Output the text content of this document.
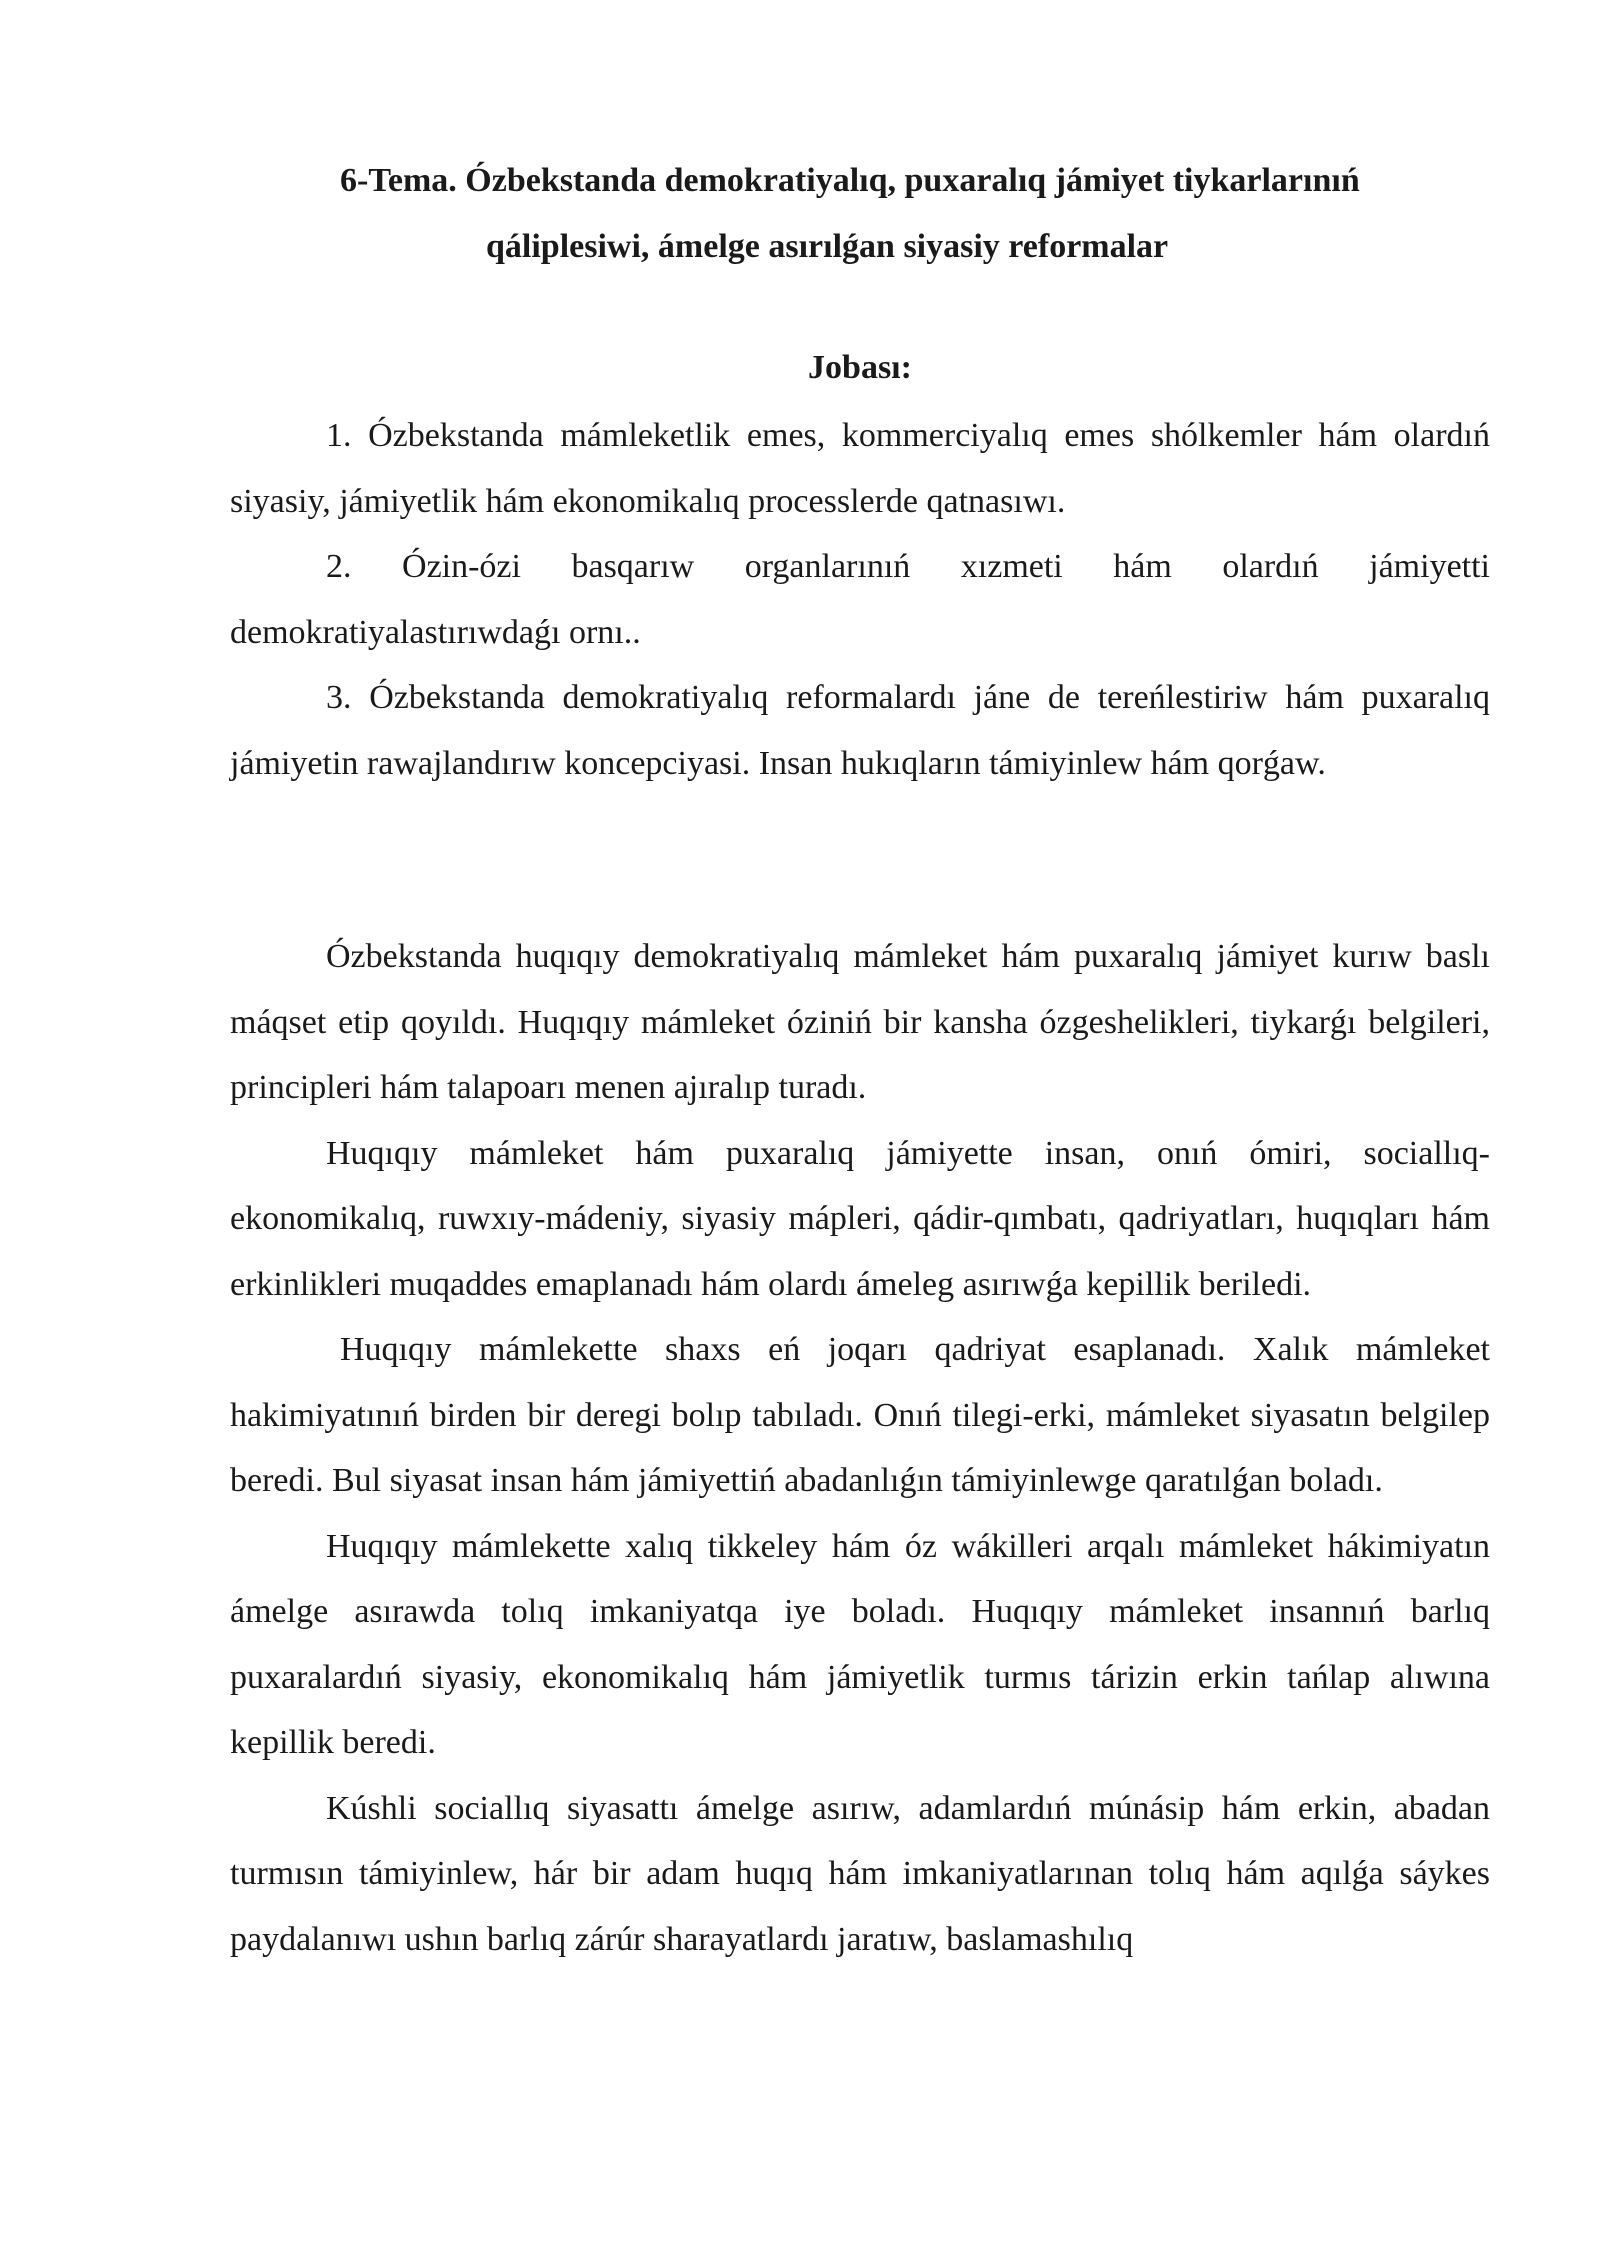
6-Tema. Ózbekstanda demokratiyalıq, puxaralıq jámiyet tiykarlarınıń
qáliplesiwi, ámelge asırılǵan siyasiy reformalar
Jobası:

1. Ózbekstanda mámleketlik emes, kommerciyalıq emes shólkemler hám olardıń siyasiy, jámiyetlik hám ekonomikalıq processlerde qatnasıwı.

2. Ózin-ózi basqarıw organlarınıń xızmeti hám olardıń jámiyetti demokratiyalastırıwdaǵı ornı..

3. Ózbekstanda demokratiyalıq reformalardı jáne de tereńlestiriw hám puxaralıq jámiyetin rawajlandırıw koncepciyasi. Insan hukıqların támiyinlew hám qorǵaw.

Ózbekstanda huqıqıy demokratiyalıq mámleket hám puxaralıq jámiyet kurıw baslı máqset etip qoyıldı. Huqıqıy mámleket óziniń bir kansha ózgeshelikleri, tiykarǵı belgileri, principleri hám talapoarı menen ajıralıp turadı.

Huqıqıy mámleket hám puxaralıq jámiyette insan, onıń ómiri, sociallıq-ekonomikalıq, ruwxıy-mádeniy, siyasiy mápleri, qádir-qımbatı, qadriyatları, huqıqları hám erkinlikleri muqaddes emaplanadı hám olardı ámeleg asırıwǵa kepillik beriledi.

Huqıqıy mámlekette shaxs eń joqarı qadriyat esaplanadı. Xalık mámleket hakimiyatınıń birden bir deregi bolıp tabıladı. Onıń tilegi-erki, mámleket siyasatın belgilep beredi. Bul siyasat insan hám jámiyettiń abadanlıǵın támiyinlewge qaratılǵan boladı.

Huqıqıy mámlekette xalıq tikkeley hám óz wákilleri arqalı mámleket hákimiyatın ámelge asırawda tolıq imkaniyatqa iye boladı. Huqıqıy mámleket insannıń barlıq puxaralardıń siyasiy, ekonomikalıq hám jámiyetlik turmıs tárizin erkin tańlap alıwına kepillik beredi.

Kúshli sociallıq siyasattı ámelge asırıw, adamlardıń múnásip hám erkin, abadan turmısın támiyinlew, hár bir adam huqıq hám imkaniyatlarınan tolıq hám aqılǵa sáykes paydalanıwı ushın barlıq zárúr sharayatlardı jaratıw, baslamashılıq
